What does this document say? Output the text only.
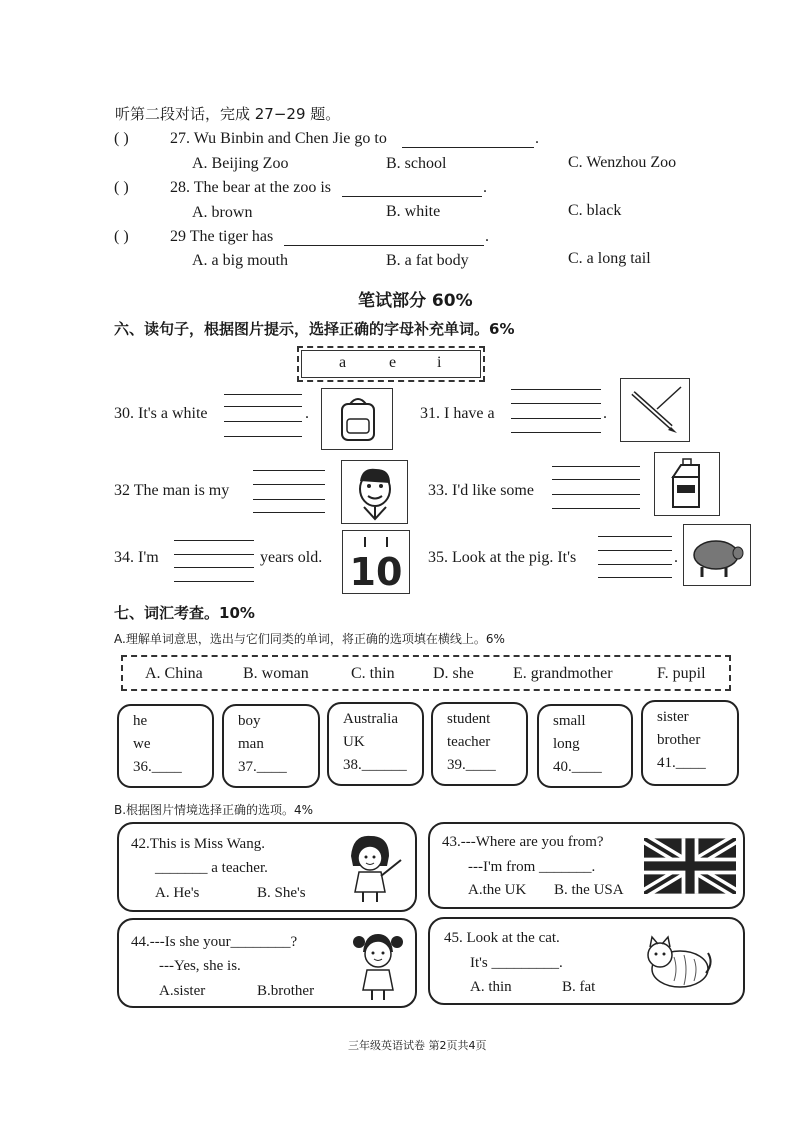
听第二段对话，完成 27−29 题。
( )	27. Wu Binbin and Chen Jie go to	.
A. Beijing Zoo	B. school	C. Wenzhou Zoo
( )	28. The bear at the zoo is	.
A. brown	B. white	C. black
( )	29 The tiger has	.
A. a big mouth	B. a fat body	C. a long tail
笔试部分 60%
六、读句子，根据图片提示，选择正确的字母补充单词。6%
a	e	i
30. It's a white	.	31. I have a	.
32 The man is my	33. I'd like some
34. I'm	years old. 10 35. Look at the pig. It's	.
七、词汇考查。10%
A.理解单词意思，选出与它们同类的单词，将正确的选项填在横线上。6%
A. China	B. woman	C. thin D. she E. grandmother	F. pupil
he
we
36.____
boy
man
37.____
Australia
UK
38.______
student
teacher
39.____
small
long
40.____
sister
brother
41.____
B.根据图片情境选择正确的选项。4%
42.This is Miss Wang.
_______ a teacher.
A. He's	B. She's
43.---Where are you from?
---I'm from _______.
A.the UK B. the USA
44.---Is she your________?
---Yes, she is.
A.sister	B.brother
45. Look at the cat.
It's _________.
A. thin	B. fat
三年级英语试卷 第2页共4页
